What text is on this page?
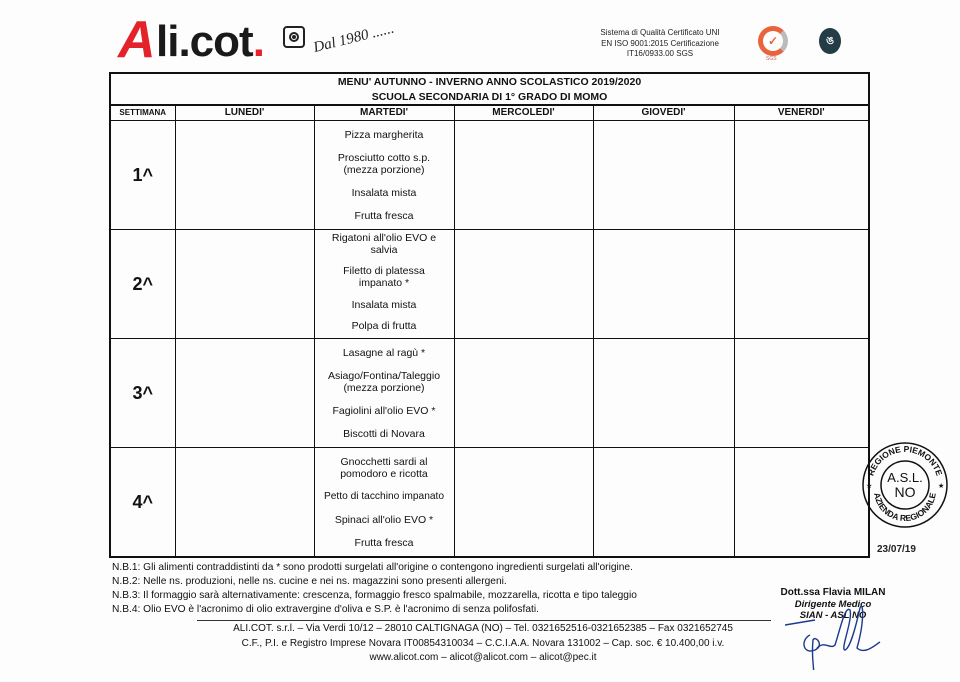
A li.cot.	Dal 1980 ......	Sistema di Qualità Certificato UNI
EN ISO 9001:2015 Certificazione
IT16/0933.00 SGS
✓
SGS
ঙ
MENU' AUTUNNO - INVERNO ANNO SCOLASTICO 2019/2020
SCUOLA SECONDARIA DI 1° GRADO DI MOMO
SETTIMANA	LUNEDI'	MARTEDI'	MERCOLEDI'	GIOVEDI'	VENERDI'
1^		Pizza margherita
Prosciutto cotto s.p. (mezza porzione)
Insalata mista
Frutta fresca			

2^		Rigatoni all'olio EVO e salvia
Filetto di platessa impanato *
Insalata mista
Polpa di frutta			

3^		Lasagne al ragù *
Asiago/Fontina/Taleggio (mezza porzione)
Fagiolini all'olio EVO *
Biscotti di Novara			

4^		Gnocchetti sardi al pomodoro e ricotta
Petto di tacchino impanato
Spinaci all'olio EVO *
Frutta fresca			

N.B.1: Gli alimenti contraddistinti da * sono prodotti surgelati all'origine o contengono ingredienti surgelati all'origine.
N.B.2: Nelle ns. produzioni, nelle ns. cucine e nei ns. magazzini sono presenti allergeni.
N.B.3: Il formaggio sarà alternativamente: crescenza, formaggio fresco spalmabile, mozzarella, ricotta e tipo taleggio
N.B.4: Olio EVO è l'acronimo di olio extravergine d'oliva e S.P. è l'acronimo di senza polifosfati.
ALI.COT. s.r.l. – Via Verdi 10/12 – 28010 CALTIGNAGA (NO) – Tel. 0321652516-0321652385 – Fax 0321652745
C.F., P.I. e Registro Imprese Novara IT00854310034 – C.C.I.A.A. Novara 131002 – Cap. soc. € 10.400,00 i.v.
www.alicot.com – alicot@alicot.com – alicot@pec.it
REGIONE PIEMONTE
AZIENDA REGIONALE
A.S.L.
NO
★	★
23/07/19
Dott.ssa Flavia MILAN
Dirigente Medico
SIAN - ASL NO
